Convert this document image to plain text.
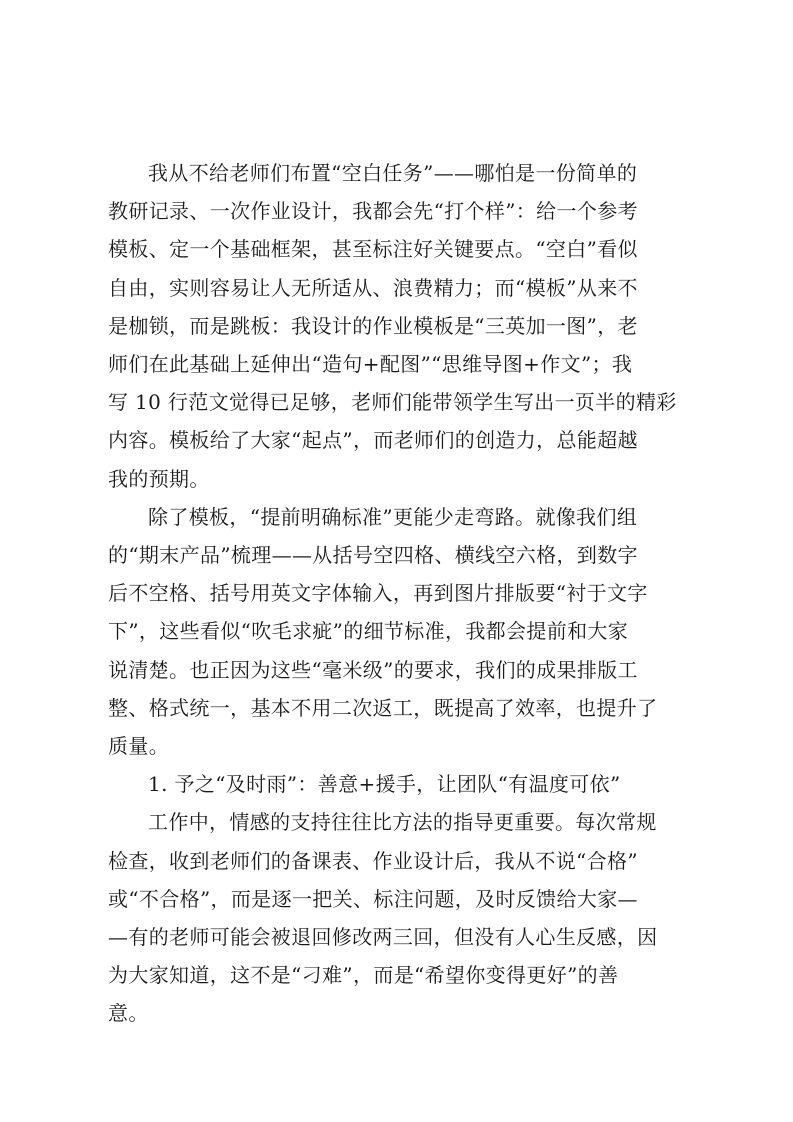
我从不给老师们布置“空白任务”——哪怕是一份简单的
教研记录、一次作业设计，我都会先“打个样”：给一个参考
模板、定一个基础框架，甚至标注好关键要点。“空白”看似
自由，实则容易让人无所适从、浪费精力；而“模板”从来不
是枷锁，而是跳板：我设计的作业模板是“三英加一图”，老
师们在此基础上延伸出“造句+配图”“思维导图+作文”；我
写 10 行范文觉得已足够，老师们能带领学生写出一页半的精彩
内容。模板给了大家“起点”，而老师们的创造力，总能超越
我的预期。

除了模板，“提前明确标准”更能少走弯路。就像我们组
的“期末产品”梳理——从括号空四格、横线空六格，到数字
后不空格、括号用英文字体输入，再到图片排版要“衬于文字
下”，这些看似“吹毛求疵”的细节标准，我都会提前和大家
说清楚。也正因为这些“毫米级”的要求，我们的成果排版工
整、格式统一，基本不用二次返工，既提高了效率，也提升了
质量。

1. 予之“及时雨”：善意+援手，让团队“有温度可依”

工作中，情感的支持往往比方法的指导更重要。每次常规
检查，收到老师们的备课表、作业设计后，我从不说“合格”
或“不合格”，而是逐一把关、标注问题，及时反馈给大家—
—有的老师可能会被退回修改两三回，但没有人心生反感，因
为大家知道，这不是“刁难”，而是“希望你变得更好”的善
意。
